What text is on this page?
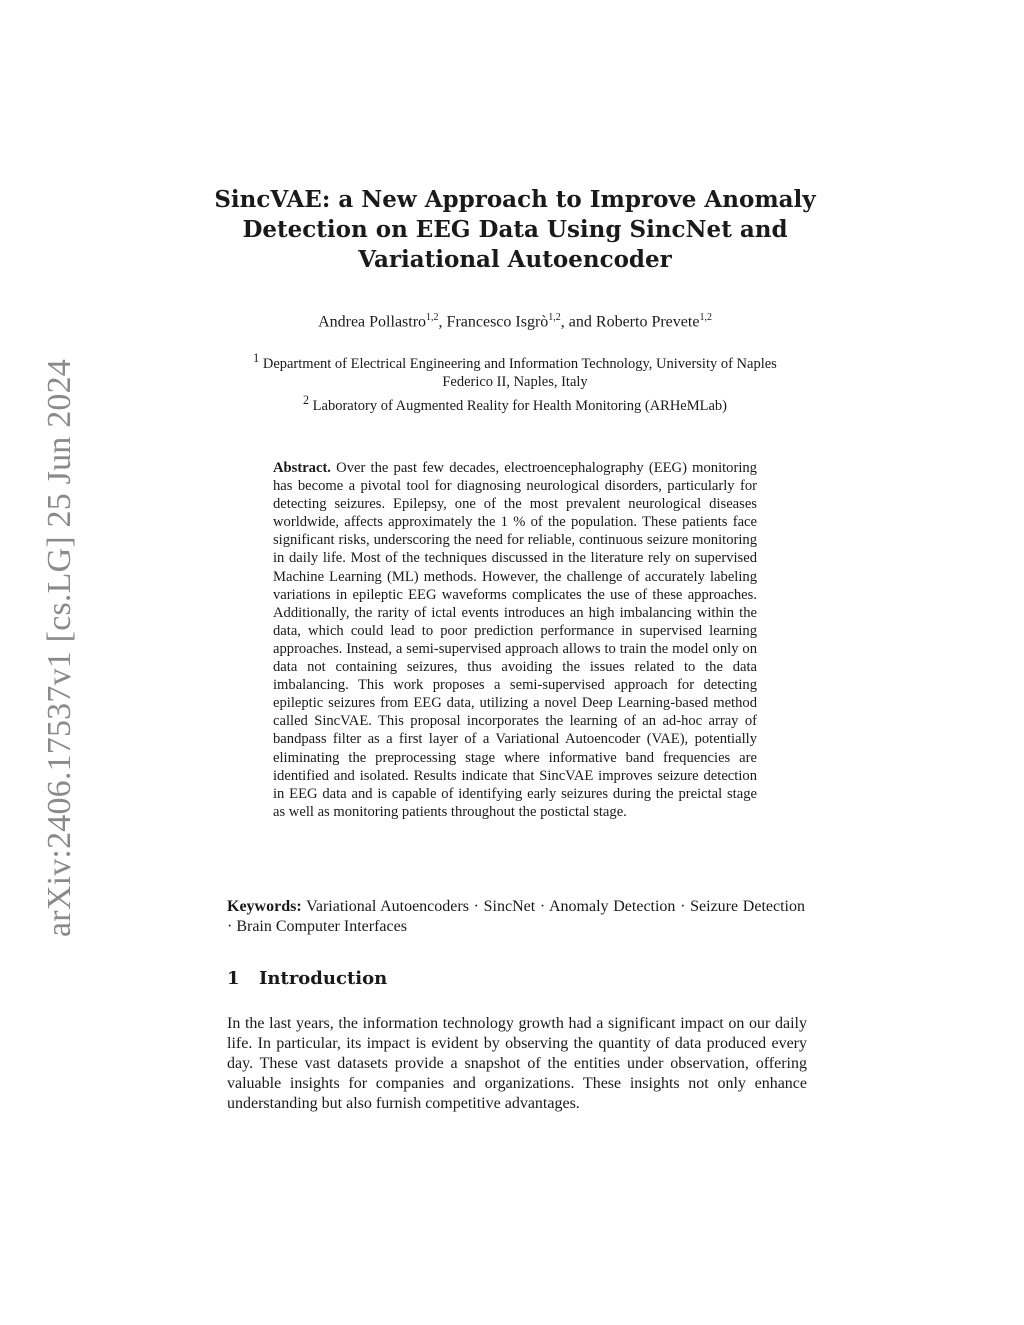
arXiv:2406.17537v1 [cs.LG] 25 Jun 2024
SincVAE: a New Approach to Improve Anomaly Detection on EEG Data Using SincNet and Variational Autoencoder
Andrea Pollastro$^{1,2}$, Francesco Isgrò$^{1,2}$, and Roberto Prevete$^{1,2}$
$^1$ Department of Electrical Engineering and Information Technology, University of Naples Federico II, Naples, Italy
$^2$ Laboratory of Augmented Reality for Health Monitoring (ARHeMLab)
Abstract. Over the past few decades, electroencephalography (EEG) monitoring has become a pivotal tool for diagnosing neurological disorders, particularly for detecting seizures. Epilepsy, one of the most prevalent neurological diseases worldwide, affects approximately the 1 % of the population. These patients face significant risks, underscoring the need for reliable, continuous seizure monitoring in daily life. Most of the techniques discussed in the literature rely on supervised Machine Learning (ML) methods. However, the challenge of accurately labeling variations in epileptic EEG waveforms complicates the use of these approaches. Additionally, the rarity of ictal events introduces an high imbalancing within the data, which could lead to poor prediction performance in supervised learning approaches. Instead, a semi-supervised approach allows to train the model only on data not containing seizures, thus avoiding the issues related to the data imbalancing. This work proposes a semi-supervised approach for detecting epileptic seizures from EEG data, utilizing a novel Deep Learning-based method called SincVAE. This proposal incorporates the learning of an ad-hoc array of bandpass filter as a first layer of a Variational Autoencoder (VAE), potentially eliminating the preprocessing stage where informative band frequencies are identified and isolated. Results indicate that SincVAE improves seizure detection in EEG data and is capable of identifying early seizures during the preictal stage as well as monitoring patients throughout the postictal stage.
Keywords: Variational Autoencoders · SincNet · Anomaly Detection · Seizure Detection · Brain Computer Interfaces
1 Introduction
In the last years, the information technology growth had a significant impact on our daily life. In particular, its impact is evident by observing the quantity of data produced every day. These vast datasets provide a snapshot of the entities under observation, offering valuable insights for companies and organizations. These insights not only enhance understanding but also furnish competitive advantages.
